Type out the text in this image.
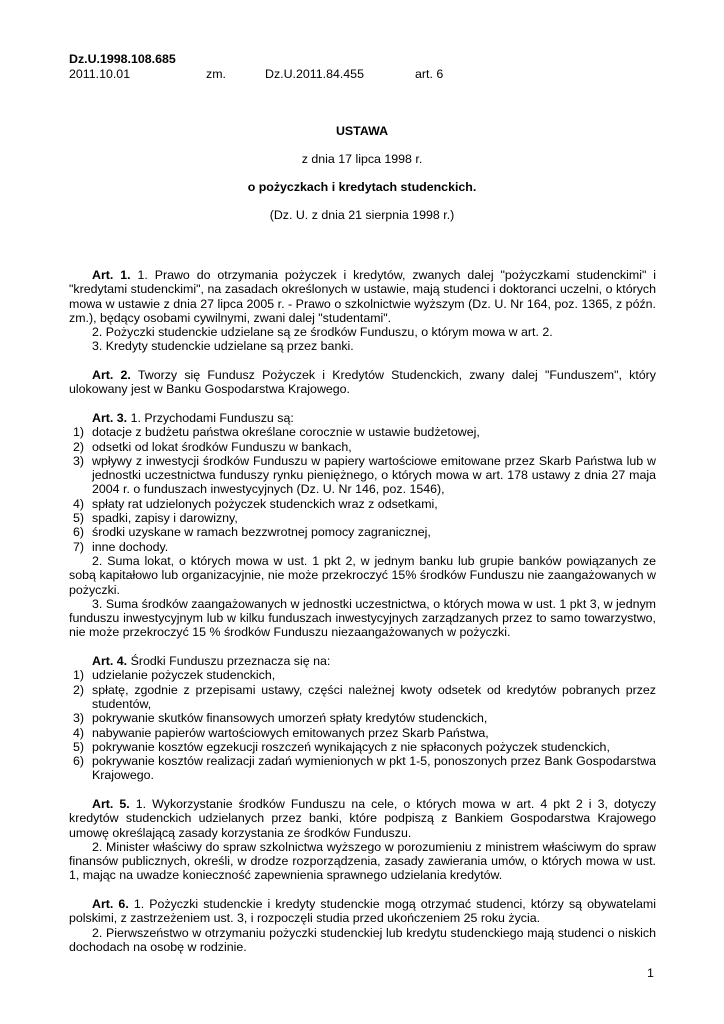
Dz.U.1998.108.685
2011.10.01	zm.	Dz.U.2011.84.455	art. 6
USTAWA
z dnia 17 lipca 1998 r.
o pożyczkach i kredytach studenckich.
(Dz. U. z dnia 21 sierpnia 1998 r.)

Art. 1. 1. Prawo do otrzymania pożyczek i kredytów, zwanych dalej "pożyczkami studenckimi" i "kredytami studenckimi", na zasadach określonych w ustawie, mają studenci i doktoranci uczelni, o których mowa w ustawie z dnia 27 lipca 2005 r. - Prawo o szkolnictwie wyższym (Dz. U. Nr 164, poz. 1365, z późn. zm.), będący osobami cywilnymi, zwani dalej "studentami".

2. Pożyczki studenckie udzielane są ze środków Funduszu, o którym mowa w art. 2.

3. Kredyty studenckie udzielane są przez banki.

Art. 2. Tworzy się Fundusz Pożyczek i Kredytów Studenckich, zwany dalej "Funduszem", który ulokowany jest w Banku Gospodarstwa Krajowego.

Art. 3. 1. Przychodami Funduszu są:

1) dotacje z budżetu państwa określane corocznie w ustawie budżetowej,
2) odsetki od lokat środków Funduszu w bankach,
3) wpływy z inwestycji środków Funduszu w papiery wartościowe emitowane przez Skarb Państwa lub w jednostki uczestnictwa funduszy rynku pieniężnego, o których mowa w art. 178 ustawy z dnia 27 maja 2004 r. o funduszach inwestycyjnych (Dz. U. Nr 146, poz. 1546),
4) spłaty rat udzielonych pożyczek studenckich wraz z odsetkami,
5) spadki, zapisy i darowizny,
6) środki uzyskane w ramach bezzwrotnej pomocy zagranicznej,
7) inne dochody.

2. Suma lokat, o których mowa w ust. 1 pkt 2, w jednym banku lub grupie banków powiązanych ze sobą kapitałowo lub organizacyjnie, nie może przekroczyć 15% środków Funduszu nie zaangażowanych w pożyczki.

3. Suma środków zaangażowanych w jednostki uczestnictwa, o których mowa w ust. 1 pkt 3, w jednym funduszu inwestycyjnym lub w kilku funduszach inwestycyjnych zarządzanych przez to samo towarzystwo, nie może przekroczyć 15 % środków Funduszu niezaangażowanych w pożyczki.

Art. 4. Środki Funduszu przeznacza się na:

1) udzielanie pożyczek studenckich,
2) spłatę, zgodnie z przepisami ustawy, części należnej kwoty odsetek od kredytów pobranych przez studentów,
3) pokrywanie skutków finansowych umorzeń spłaty kredytów studenckich,
4) nabywanie papierów wartościowych emitowanych przez Skarb Państwa,
5) pokrywanie kosztów egzekucji roszczeń wynikających z nie spłaconych pożyczek studenckich,
6) pokrywanie kosztów realizacji zadań wymienionych w pkt 1-5, ponoszonych przez Bank Gospodarstwa Krajowego.

Art. 5. 1. Wykorzystanie środków Funduszu na cele, o których mowa w art. 4 pkt 2 i 3, dotyczy kredytów studenckich udzielanych przez banki, które podpiszą z Bankiem Gospodarstwa Krajowego umowę określającą zasady korzystania ze środków Funduszu.

2. Minister właściwy do spraw szkolnictwa wyższego w porozumieniu z ministrem właściwym do spraw finansów publicznych, określi, w drodze rozporządzenia, zasady zawierania umów, o których mowa w ust. 1, mając na uwadze konieczność zapewnienia sprawnego udzielania kredytów.

Art. 6. 1. Pożyczki studenckie i kredyty studenckie mogą otrzymać studenci, którzy są obywatelami polskimi, z zastrzeżeniem ust. 3, i rozpoczęli studia przed ukończeniem 25 roku życia.

2. Pierwszeństwo w otrzymaniu pożyczki studenckiej lub kredytu studenckiego mają studenci o niskich dochodach na osobę w rodzinie.

1
